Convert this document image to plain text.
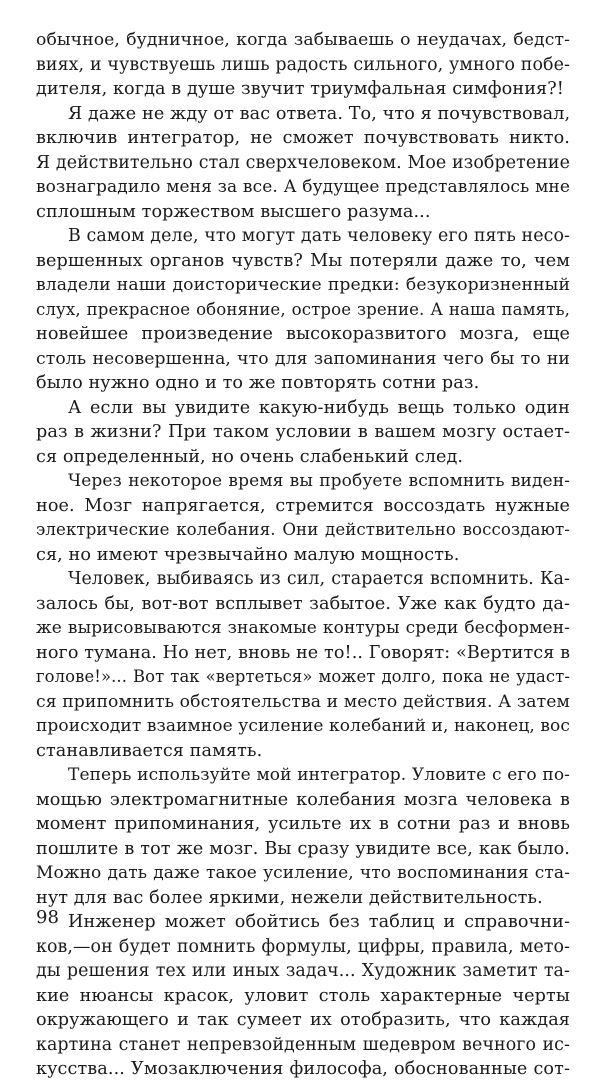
обычное, будничное, когда забываешь о неудачах, бедст-
виях, и чувствуешь лишь радость сильного, умного побе-
дителя, когда в душе звучит триумфальная симфония?!
Я даже не жду от вас ответа. То, что я почувствовал,
включив интегратор, не сможет почувствовать никто.
Я действительно стал сверхчеловеком. Мое изобретение
вознаградило меня за все. А будущее представлялось мне
сплошным торжеством высшего разума...
В самом деле, что могут дать человеку его пять несо-
вершенных органов чувств? Мы потеряли даже то, чем
владели наши доисторические предки: безукоризненный
слух, прекрасное обоняние, острое зрение. А наша память,
новейшее произведение высокоразвитого мозга, еще
столь несовершенна, что для запоминания чего бы то ни
было нужно одно и то же повторять сотни раз.
А если вы увидите какую-нибудь вещь только один
раз в жизни? При таком условии в вашем мозгу остает-
ся определенный, но очень слабенький след.
Через некоторое время вы пробуете вспомнить виден-
ное. Мозг напрягается, стремится воссоздать нужные
электрические колебания. Они действительно воссоздают-
ся, но имеют чрезвычайно малую мощность.
Человек, выбиваясь из сил, старается вспомнить. Ка-
залось бы, вот-вот всплывет забытое. Уже как будто да-
же вырисовываются знакомые контуры среди бесформен-
ного тумана. Но нет, вновь не то!.. Говорят: «Вертится в
голове!»... Вот так «вертеться» может долго, пока не удаст-
ся припомнить обстоятельства и место действия. А затем
происходит взаимное усиление колебаний и, наконец, вос
станавливается память.
Теперь используйте мой интегратор. Уловите с его по-
мощью электромагнитные колебания мозга человека в
момент припоминания, усильте их в сотни раз и вновь
пошлите в тот же мозг. Вы сразу увидите все, как было.
Можно дать даже такое усиление, что воспоминания ста-
нут для вас более яркими, нежели действительность.
Инженер может обойтись без таблиц и справочни-
ков,—он будет помнить формулы, цифры, правила, мето-
ды решения тех или иных задач... Художник заметит та-
кие нюансы красок, уловит столь характерные черты
окружающего и так сумеет их отобразить, что каждая
картина станет непревзойденным шедевром вечного ис-
кусства... Умозаключения философа, обоснованные сот-
98
